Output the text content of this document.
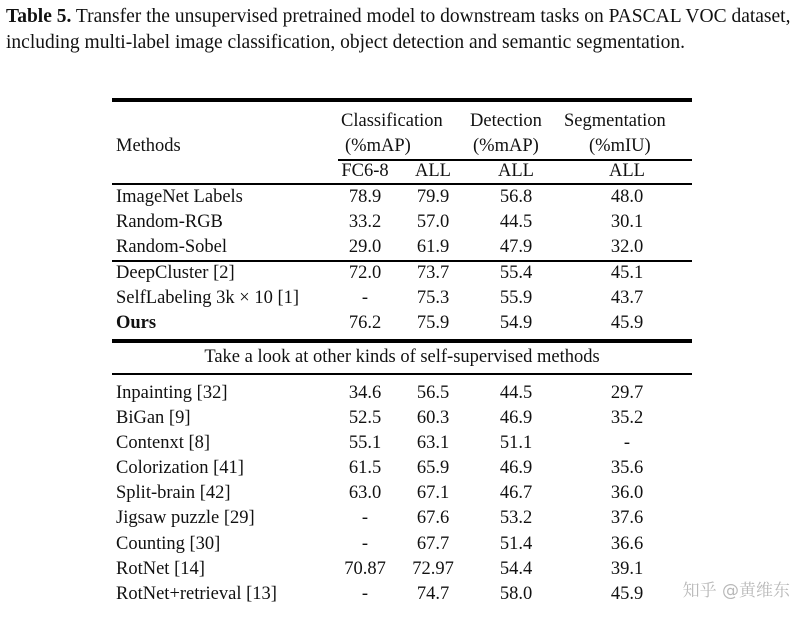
Table 5. Transfer the unsupervised pretrained model to downstream tasks on PASCAL VOC dataset, including multi-label image classification, object detection and semantic segmentation.
Methods
Classification
(%mAP)
Detection
(%mAP)
Segmentation
(%mIU)
FC6-8	ALL	ALL	ALL
ImageNet Labels	78.9	79.9	56.8	48.0
Random-RGB	33.2	57.0	44.5	30.1
Random-Sobel	29.0	61.9	47.9	32.0
DeepCluster [2]	72.0	73.7	55.4	45.1
SelfLabeling 3k × 10 [1]	-	75.3	55.9	43.7
Ours	76.2	75.9	54.9	45.9
Take a look at other kinds of self-supervised methods
Inpainting [32]	34.6	56.5	44.5	29.7
BiGan [9]	52.5	60.3	46.9	35.2
Contenxt [8]	55.1	63.1	51.1	-
Colorization [41]	61.5	65.9	46.9	35.6
Split-brain [42]	63.0	67.1	46.7	36.0
Jigsaw puzzle [29]	-	67.6	53.2	37.6
Counting [30]	-	67.7	51.4	36.6
RotNet [14]	70.87	72.97	54.4	39.1
RotNet+retrieval [13]	-	74.7	58.0	45.9	知乎 @黄维东
